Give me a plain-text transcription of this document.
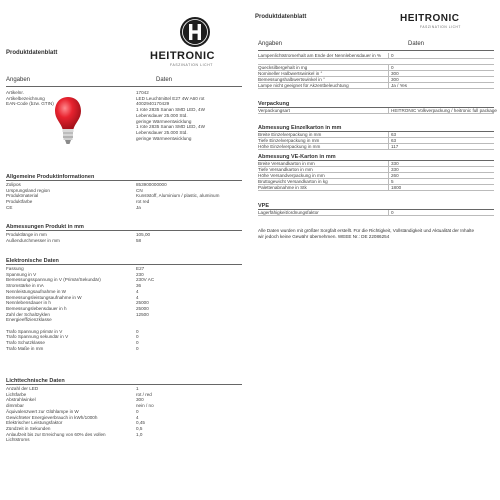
Produktdatenblatt	HEITRONIC
FASZINATION LICHT
Angaben	Daten
Artikelnr.	17042
Artikelbezeichnung	LED Leuchtmittel E27 4W A60 rot
EAN-Code (bzw. GTIN)	4002940170429
1 rote 2835 Sanan SMD LED, 4W
Lebensdauer 25.000 Std.
geringe Wärmeentwicklung
1 rote 2835 Sanan SMD LED, 4W
Lebensdauer 25.000 Std.
geringe Wärmeentwicklung
Allgemeine Produktinformationen
Zolipos	853900000000
Ursprungsland region	CN
Produktmaterial	Kunststoff, Aluminium / plastic, aluminum
Produktfarbe	rot red
CE	Ja
Abmessungen Produkt in mm
Produktlänge in mm	105,00
Außendurchmesser in mm	58
Elektronische Daten
Fassung	E27
Spannung in V	230
Bemessungsspannung in V (Primär/Sekundär)	230V AC
Stromstärke in mA	36
Nennleistungsaufnahme in W	4
Bemessungsleistungsaufnahme in W	4
Nennlebensdauer in h	25000
Bemessungslebensdauer in h	25000
Zahl der Schaltzyklen	12500
Energieeffizienzklasse
Trafo Spannung primär in V	0
Trafo Spannung sekundär in V	0
Trafo Schutzklasse	0
Trafo Maße in mm	0
Lichttechnische Daten
Anzahl der LED	1
Lichtfarbe	rot / red
Abstrahlwinkel	300
dimmbar	nein / no
Äquivalenzwert zur Glühlampe in W	0
Gewichteter Energieverbrauch in kWh/1000h	4
Elektrischer Leistungsfaktor	0,45
Zündzeit in Sekunden	0,5
Anlaufzeit bis zur Erreichung von 60% des vollen	1,0
Lichtstroms
Produktdatenblatt	HEITRONIC
FASZINATION LICHT
Angaben	Daten
Lampenlichtstromerhalt am Ende der Nennlebensdauer in %	0
Quecksilbergehalt in mg	0
Nomineller Halbwertswinkel in °	300
Bemessungshalbwertswinkel in °	300
Lampe nicht geeignet für Akzentbeleuchtung	Ja / Yes
Verpackung
Verpackungsart	HEITRONIC Volkverpackung / heitronic full package
Abmessung Einzelkarton in mm
Breite Einzelverpackung in mm	63
Tiefe Einzelverpackung in mm	63
Höhe Einzelverpackung in mm	117
Abmessung VE-Karton in mm
Breite Versandkarton in mm	330
Tiefe Versandkarton in mm	330
Höhe Versandverpackung in mm	260
Bruttogewicht Versandkarton in kg	5
Palettenabnahme in Stk	1800
VPE
Lagerfähigkeit/ordnungsfaktor	0
Alle Daten wurden mit größter Sorgfalt erstellt. Für die Richtigkeit, Vollständigkeit und Aktualität der Inhalte
wir jedoch keine Gewähr übernehmen. WEEE Nr.: DE 22086254
